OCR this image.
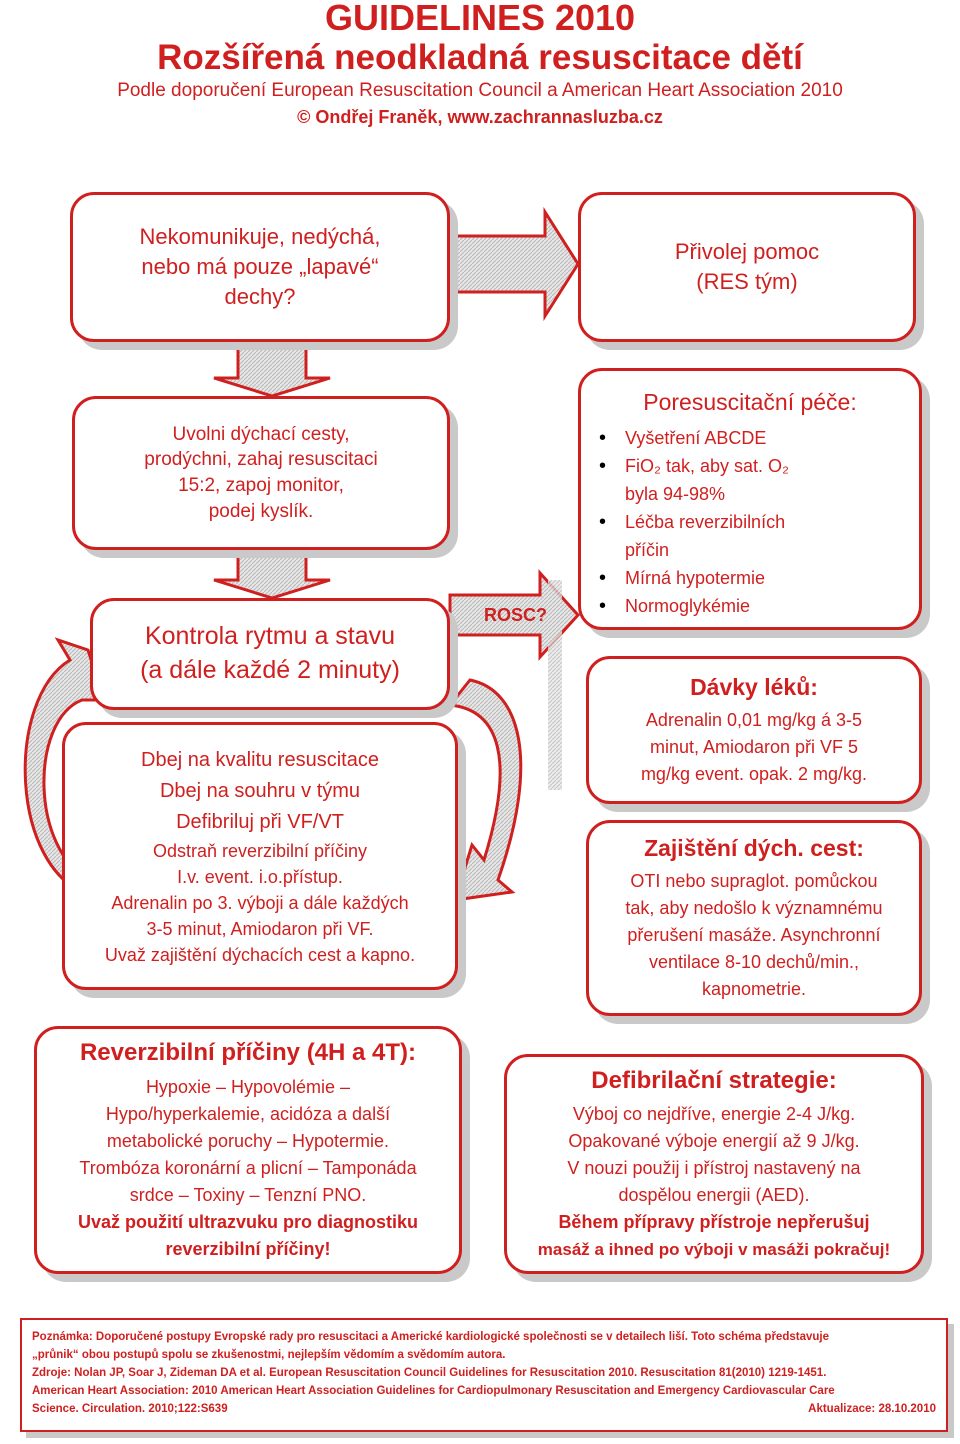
GUIDELINES 2010
Rozšířená neodkladná resuscitace dětí
Podle doporučení European Resuscitation Council a American Heart Association 2010
© Ondřej Franěk, www.zachrannasluzba.cz
Nekomunikuje, nedýchá,
nebo má pouze „lapavé“
dechy?
Přivolej pomoc
(RES tým)
Uvolni dýchací cesty,
prodýchni, zahaj resuscitaci
15:2, zapoj monitor,
podej kyslík.
Kontrola rytmu a stavu
(a dále každé 2 minuty)
Dbej na kvalitu resuscitace
Dbej na souhru v týmu
Defibriluj při VF/VT
Odstraň reverzibilní příčiny
I.v. event. i.o.přístup.
Adrenalin po 3. výboji a dále každých
3-5 minut, Amiodaron při VF.
Uvaž zajištění dýchacích cest a kapno.
ROSC?
Poresuscitační péče:
• Vyšetření ABCDE
• FiO₂ tak, aby sat. O₂
byla 94-98%
• Léčba reverzibilních
příčin
• Mírná hypotermie
• Normoglykémie
Dávky léků:
Adrenalin 0,01 mg/kg á 3-5
minut, Amiodaron při VF 5
mg/kg event. opak. 2 mg/kg.
Zajištění dých. cest:
OTI nebo supraglot. pomůckou
tak, aby nedošlo k významnému
přerušení masáže. Asynchronní
ventilace 8-10 dechů/min.,
kapnometrie.
Reverzibilní příčiny (4H a 4T):
Hypoxie – Hypovolémie –
Hypo/hyperkalemie, acidóza a další
metabolické poruchy – Hypotermie.
Trombóza koronární a plicní – Tamponáda
srdce – Toxiny – Tenzní PNO.
Uvaž použití ultrazvuku pro diagnostiku
reverzibilní příčiny!
Defibrilační strategie:
Výboj co nejdříve, energie 2-4 J/kg.
Opakované výboje energií až 9 J/kg.
V nouzi použij i přístroj nastavený na
dospělou energii (AED).
Během přípravy přístroje nepřerušuj
masáž a ihned po výboji v masáži pokračuj!
Poznámka: Doporučené postupy Evropské rady pro resuscitaci a Americké kardiologické společnosti se v detailech liší. Toto schéma představuje
„průnik“ obou postupů spolu se zkušenostmi, nejlepším vědomím a svědomím autora.
Zdroje: Nolan JP, Soar J, Zideman DA et al. European Resuscitation Council Guidelines for Resuscitation 2010. Resuscitation 81(2010) 1219-1451.
American Heart Association: 2010 American Heart Association Guidelines for Cardiopulmonary Resuscitation and Emergency Cardiovascular Care
Science. Circulation. 2010;122:S639	Aktualizace: 28.10.2010
